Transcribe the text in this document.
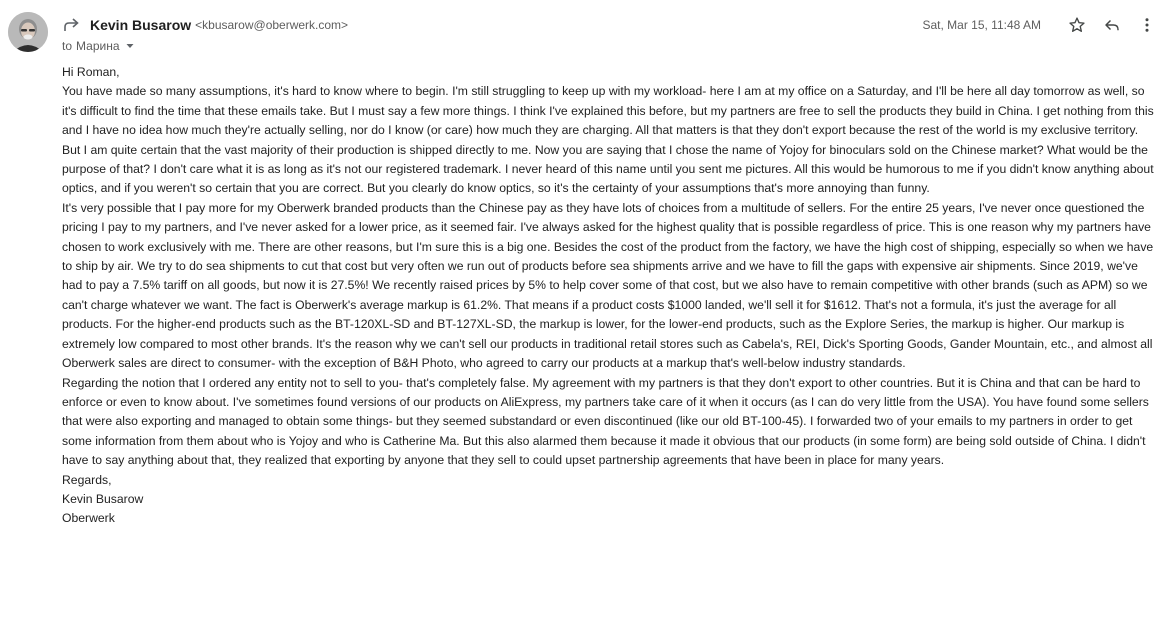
Kevin Busarow <kbusarow@oberwerk.com>
to Марина
Sat, Mar 15, 11:48 AM

Hi Roman,

You have made so many assumptions, it's hard to know where to begin. I'm still struggling to keep up with my workload- here I am at my office on a Saturday, and I'll be here all day tomorrow as well, so it's difficult to find the time that these emails take. But I must say a few more things. I think I've explained this before, but my partners are free to sell the products they build in China. I get nothing from this and I have no idea how much they're actually selling, nor do I know (or care) how much they are charging. All that matters is that they don't export because the rest of the world is my exclusive territory. But I am quite certain that the vast majority of their production is shipped directly to me. Now you are saying that I chose the name of Yojoy for binoculars sold on the Chinese market? What would be the purpose of that? I don't care what it is as long as it's not our registered trademark. I never heard of this name until you sent me pictures. All this would be humorous to me if you didn't know anything about optics, and if you weren't so certain that you are correct. But you clearly do know optics, so it's the certainty of your assumptions that's more annoying than funny.

It's very possible that I pay more for my Oberwerk branded products than the Chinese pay as they have lots of choices from a multitude of sellers. For the entire 25 years, I've never once questioned the pricing I pay to my partners, and I've never asked for a lower price, as it seemed fair. I've always asked for the highest quality that is possible regardless of price. This is one reason why my partners have chosen to work exclusively with me. There are other reasons, but I'm sure this is a big one. Besides the cost of the product from the factory, we have the high cost of shipping, especially so when we have to ship by air. We try to do sea shipments to cut that cost but very often we run out of products before sea shipments arrive and we have to fill the gaps with expensive air shipments. Since 2019, we've had to pay a 7.5% tariff on all goods, but now it is 27.5%! We recently raised prices by 5% to help cover some of that cost, but we also have to remain competitive with other brands (such as APM) so we can't charge whatever we want. The fact is Oberwerk's average markup is 61.2%. That means if a product costs $1000 landed, we'll sell it for $1612. That's not a formula, it's just the average for all products. For the higher-end products such as the BT-120XL-SD and BT-127XL-SD, the markup is lower, for the lower-end products, such as the Explore Series, the markup is higher. Our markup is extremely low compared to most other brands. It's the reason why we can't sell our products in traditional retail stores such as Cabela's, REI, Dick's Sporting Goods, Gander Mountain, etc., and almost all Oberwerk sales are direct to consumer- with the exception of B&H Photo, who agreed to carry our products at a markup that's well-below industry standards.

Regarding the notion that I ordered any entity not to sell to you- that's completely false. My agreement with my partners is that they don't export to other countries. But it is China and that can be hard to enforce or even to know about. I've sometimes found versions of our products on AliExpress, my partners take care of it when it occurs (as I can do very little from the USA). You have found some sellers that were also exporting and managed to obtain some things- but they seemed substandard or even discontinued (like our old BT-100-45). I forwarded two of your emails to my partners in order to get some information from them about who is Yojoy and who is Catherine Ma. But this also alarmed them because it made it obvious that our products (in some form) are being sold outside of China. I didn't have to say anything about that, they realized that exporting by anyone that they sell to could upset partnership agreements that have been in place for many years.

Regards,

Kevin Busarow

Oberwerk
